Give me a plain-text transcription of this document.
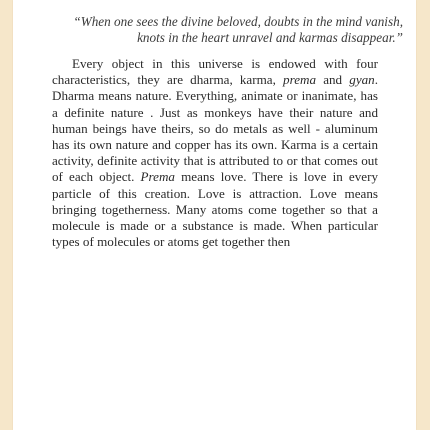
“When one sees the divine beloved, doubts in the mind vanish,
knots in the heart unravel and karmas disappear.”

Every object in this universe is endowed with four characteristics, they are dharma, karma, prema and gyan. Dharma means nature. Everything, animate or inanimate, has a definite nature . Just as monkeys have their nature and human beings have theirs, so do metals as well - aluminum has its own nature and copper has its own. Karma is a certain activity, definite activity that is attributed to or that comes out of each object. Prema means love. There is love in every particle of this creation. Love is attraction. Love means bringing togetherness. Many atoms come together so that a molecule is made or a substance is made. When particular types of molecules or atoms get together then
